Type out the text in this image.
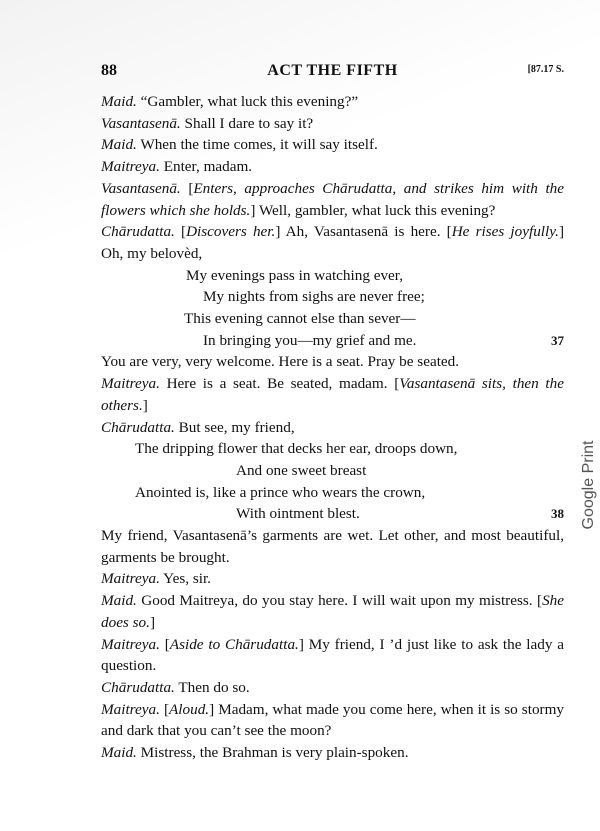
88	ACT THE FIFTH	[87.17 S.

Maid. “Gambler, what luck this evening?”

Vasantasenā. Shall I dare to say it?

Maid. When the time comes, it will say itself.

Maitreya. Enter, madam.

Vasantasenā. [Enters, approaches Chārudatta, and strikes him with the flowers which she holds.] Well, gambler, what luck this evening?

Chārudatta. [Discovers her.] Ah, Vasantasenā is here. [He rises joyfully.] Oh, my belovèd,

My evenings pass in watching ever,
My nights from sighs are never free;
This evening cannot else than sever—
In bringing you—my grief and me.	37

You are very, very welcome. Here is a seat. Pray be seated.

Maitreya. Here is a seat. Be seated, madam. [Vasantasenā sits, then the others.]

Chārudatta. But see, my friend,

The dripping flower that decks her ear, droops down,
And one sweet breast
Anointed is, like a prince who wears the crown,
With ointment blest.	38

My friend, Vasantasenā’s garments are wet. Let other, and most beautiful, garments be brought.

Maitreya. Yes, sir.

Maid. Good Maitreya, do you stay here. I will wait upon my mistress. [She does so.]

Maitreya. [Aside to Chārudatta.] My friend, I ’d just like to ask the lady a question.

Chārudatta. Then do so.

Maitreya. [Aloud.] Madam, what made you come here, when it is so stormy and dark that you can’t see the moon?

Maid. Mistress, the Brahman is very plain-spoken.

Google Print
